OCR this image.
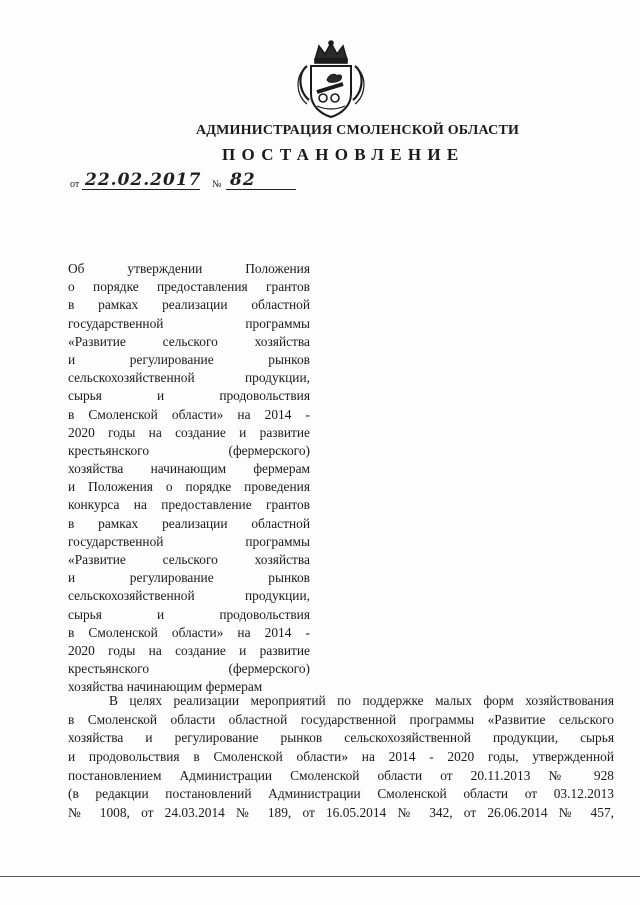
АДМИНИСТРАЦИЯ СМОЛЕНСКОЙ ОБЛАСТИ
ПОСТАНОВЛЕНИЕ
от 22.02.2017 № 82
Об утверждении Положения
о порядке предоставления грантов
в рамках реализации областной
государственной программы
«Развитие сельского хозяйства
и регулирование рынков
сельскохозяйственной продукции,
сырья и продовольствия
в Смоленской области» на 2014 -
2020 годы на создание и развитие
крестьянского (фермерского)
хозяйства начинающим фермерам
и Положения о порядке проведения
конкурса на предоставление грантов
в рамках реализации областной
государственной программы
«Развитие сельского хозяйства
и регулирование рынков
сельскохозяйственной продукции,
сырья и продовольствия
в Смоленской области» на 2014 -
2020 годы на создание и развитие
крестьянского (фермерского)
хозяйства начинающим фермерам
В целях реализации мероприятий по поддержке малых форм хозяйствования
в Смоленской области областной государственной программы «Развитие сельского
хозяйства и регулирование рынков сельскохозяйственной продукции, сырья
и продовольствия в Смоленской области» на 2014 - 2020 годы, утвержденной
постановлением Администрации Смоленской области от 20.11.2013 № 928
(в редакции постановлений Администрации Смоленской области от 03.12.2013
№ 1008, от 24.03.2014 № 189, от 16.05.2014 № 342, от 26.06.2014 № 457,
